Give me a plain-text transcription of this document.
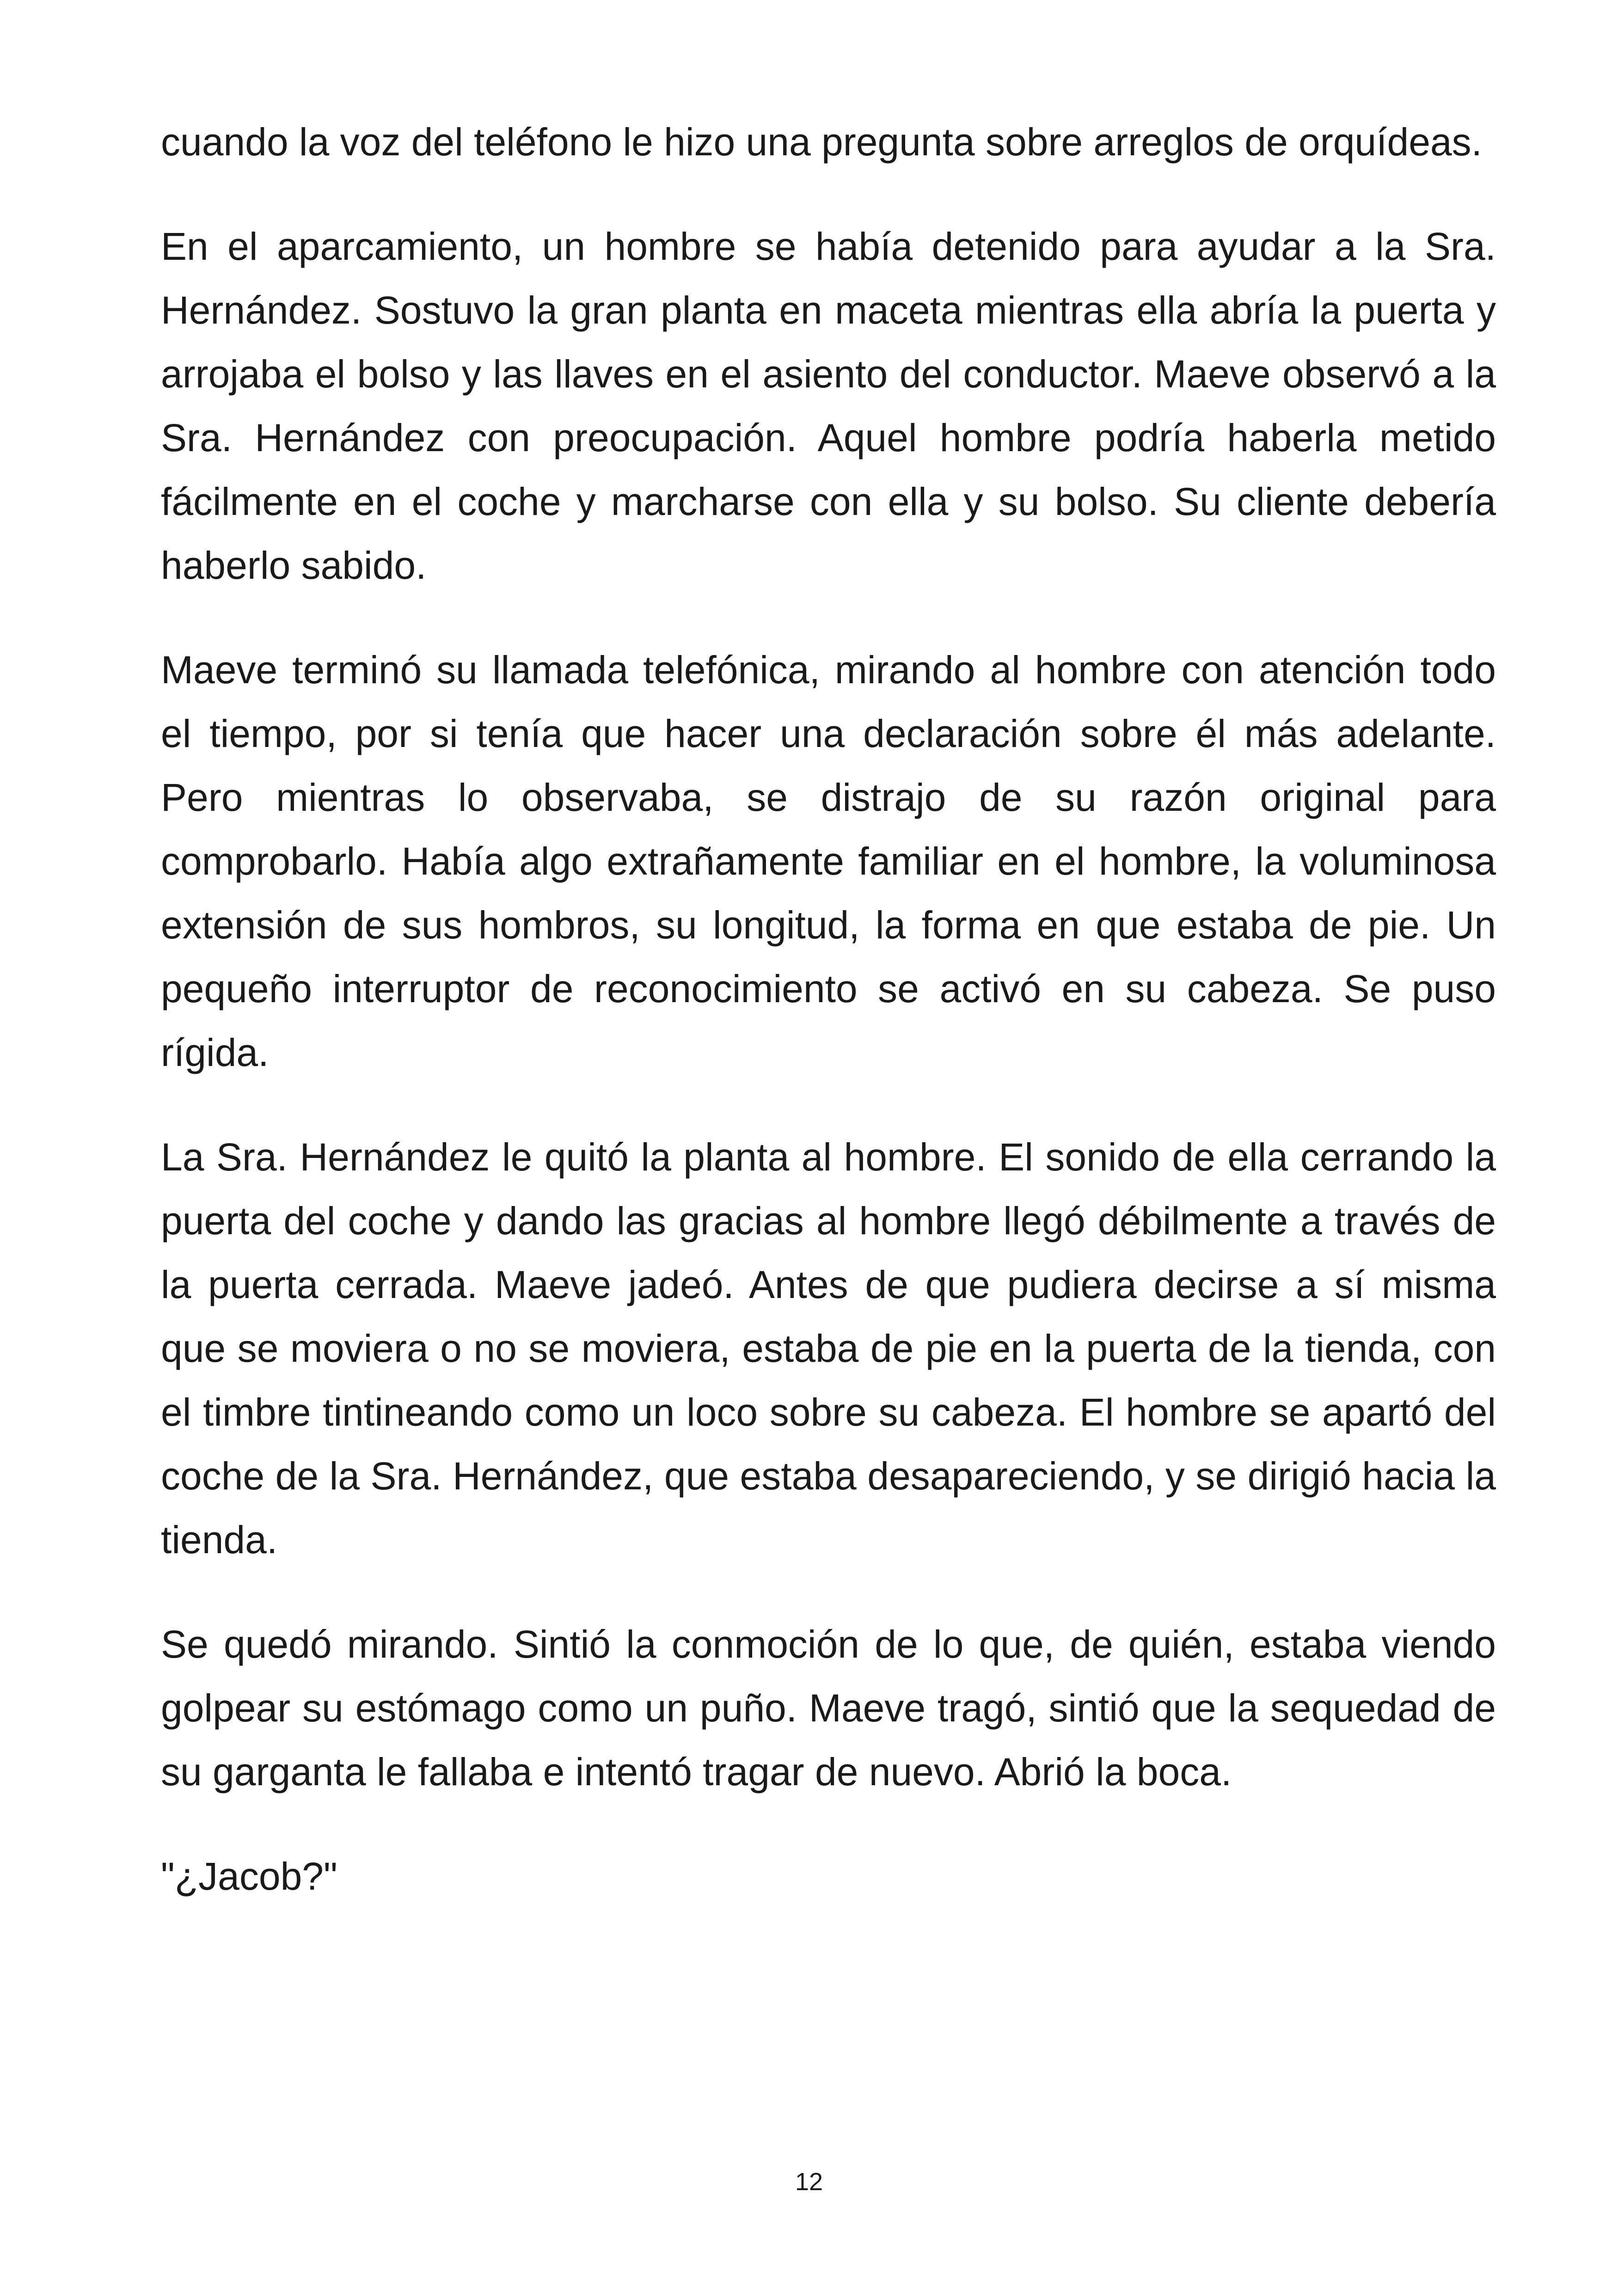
cuando la voz del teléfono le hizo una pregunta sobre arreglos de orquídeas.

En el aparcamiento, un hombre se había detenido para ayudar a la Sra. Hernández. Sostuvo la gran planta en maceta mientras ella abría la puerta y arrojaba el bolso y las llaves en el asiento del conductor. Maeve observó a la Sra. Hernández con preocupación. Aquel hombre podría haberla metido fácilmente en el coche y marcharse con ella y su bolso. Su cliente debería haberlo sabido.

Maeve terminó su llamada telefónica, mirando al hombre con atención todo el tiempo, por si tenía que hacer una declaración sobre él más adelante. Pero mientras lo observaba, se distrajo de su razón original para comprobarlo. Había algo extrañamente familiar en el hombre, la voluminosa extensión de sus hombros, su longitud, la forma en que estaba de pie. Un pequeño interruptor de reconocimiento se activó en su cabeza. Se puso rígida.

La Sra. Hernández le quitó la planta al hombre. El sonido de ella cerrando la puerta del coche y dando las gracias al hombre llegó débilmente a través de la puerta cerrada. Maeve jadeó. Antes de que pudiera decirse a sí misma que se moviera o no se moviera, estaba de pie en la puerta de la tienda, con el timbre tintineando como un loco sobre su cabeza. El hombre se apartó del coche de la Sra. Hernández, que estaba desapareciendo, y se dirigió hacia la tienda.

Se quedó mirando. Sintió la conmoción de lo que, de quién, estaba viendo golpear su estómago como un puño. Maeve tragó, sintió que la sequedad de su garganta le fallaba e intentó tragar de nuevo. Abrió la boca.

"¿Jacob?"

12
